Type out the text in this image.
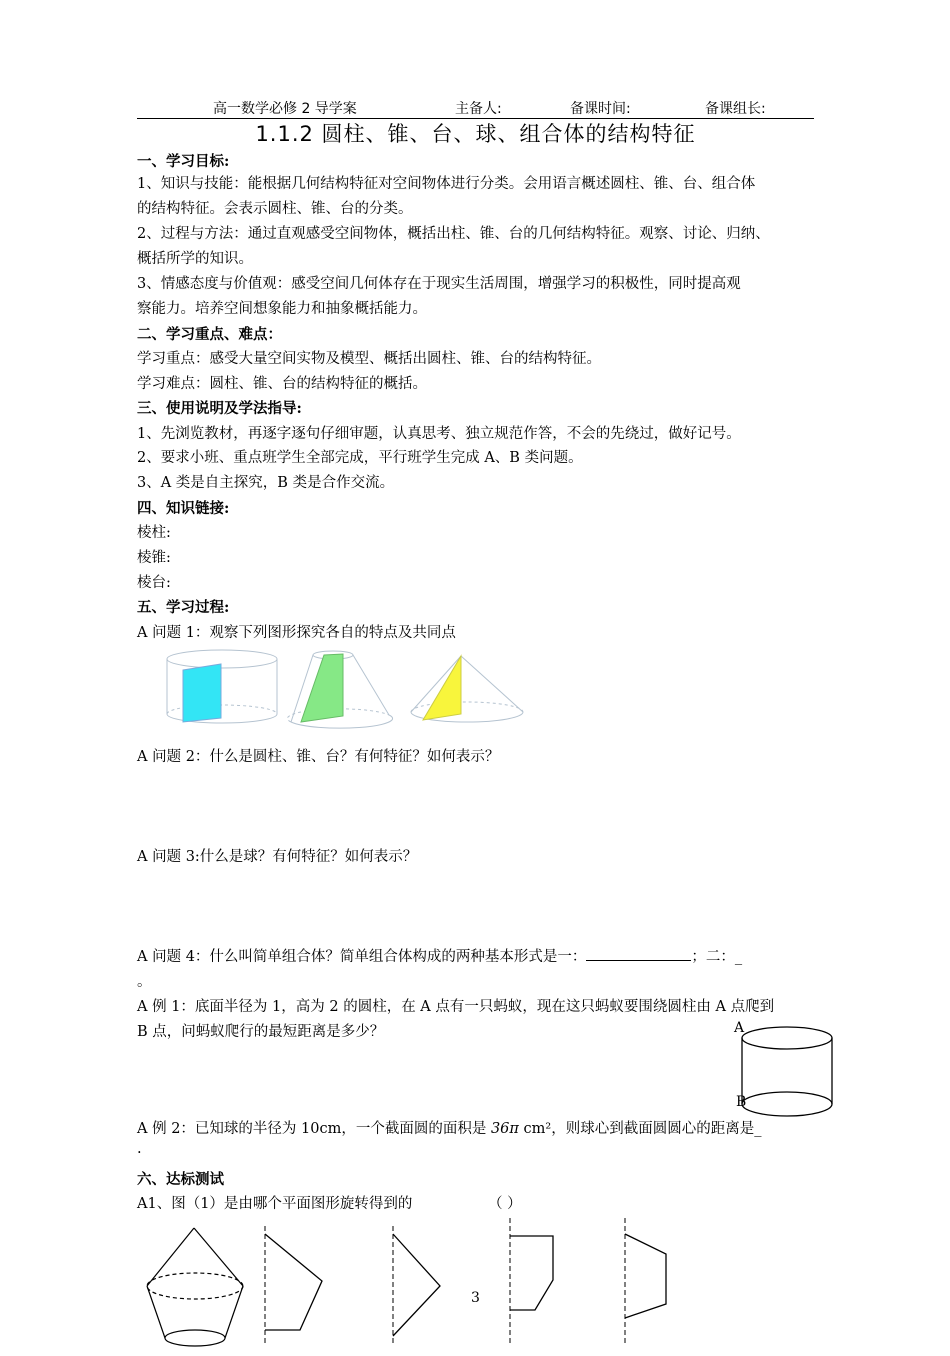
高一数学必修 2 导学案	主备人:	备课时间:	备课组长:
1.1.2 圆柱、锥、台、球、组合体的结构特征
一、学习目标:
1、知识与技能：能根据几何结构特征对空间物体进行分类。会用语言概述圆柱、锥、台、组合体
的结构特征。会表示圆柱、锥、台的分类。
2、过程与方法：通过直观感受空间物体，概括出柱、锥、台的几何结构特征。观察、讨论、归纳、
概括所学的知识。
3、情感态度与价值观：感受空间几何体存在于现实生活周围，增强学习的积极性，同时提高观
察能力。培养空间想象能力和抽象概括能力。
二、学习重点、难点：
学习重点：感受大量空间实物及模型、概括出圆柱、锥、台的结构特征。
学习难点：圆柱、锥、台的结构特征的概括。
三、使用说明及学法指导:
1、先浏览教材，再逐字逐句仔细审题，认真思考、独立规范作答，不会的先绕过，做好记号。
2、要求小班、重点班学生全部完成，平行班学生完成 A、B 类问题。
3、A 类是自主探究，B 类是合作交流。
四、知识链接:
棱柱:
棱锥:
棱台:
五、学习过程:
A 问题 1：观察下列图形探究各自的特点及共同点
A 问题 2：什么是圆柱、锥、台？有何特征？如何表示？
A 问题 3:什么是球？有何特征？如何表示？
A 问题 4：什么叫简单组合体？简单组合体构成的两种基本形式是一：	；二：_
。
A 例 1：底面半径为 1，高为 2 的圆柱，在 A 点有一只蚂蚁，现在这只蚂蚁要围绕圆柱由 A 点爬到
B 点，问蚂蚁爬行的最短距离是多少？	A
B
A 例 2：已知球的半径为 10cm，一个截面圆的面积是 36π cm²，则球心到截面圆圆心的距离是_
.
六、达标测试
A1、图（1）是由哪个平面图形旋转得到的	（ ）
3
